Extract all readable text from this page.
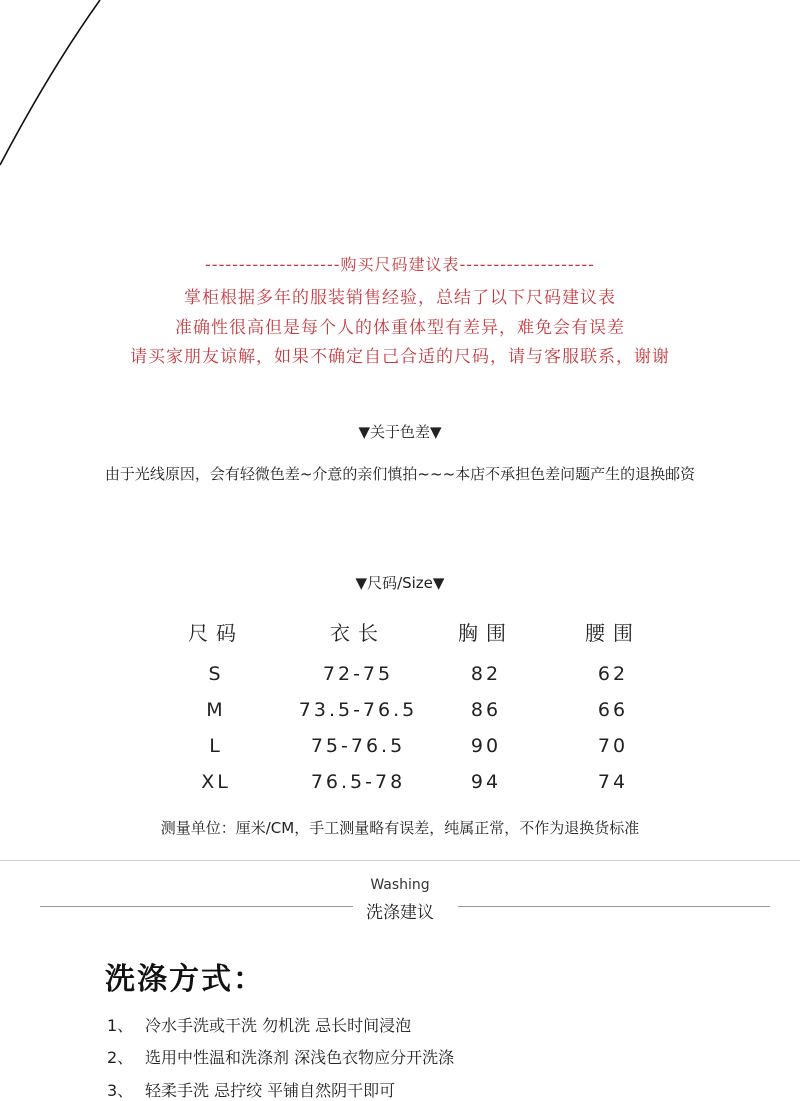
--------------------购买尺码建议表--------------------
掌柜根据多年的服装销售经验，总结了以下尺码建议表
准确性很高但是每个人的体重体型有差异，难免会有误差
请买家朋友谅解，如果不确定自己合适的尺码，请与客服联系，谢谢
▼关于色差▼
由于光线原因，会有轻微色差~介意的亲们慎拍~~~本店不承担色差问题产生的退换邮资
▼尺码/Size▼
尺码	衣长	胸围	腰围
S	72-75	82	62
M	73.5-76.5	86	66
L	75-76.5	90	70
XL	76.5-78	94	74
测量单位：厘米/CM，手工测量略有误差，纯属正常，不作为退换货标准
Washing
洗涤建议
洗涤方式：
1、 冷水手洗或干洗 勿机洗 忌长时间浸泡
2、 选用中性温和洗涤剂 深浅色衣物应分开洗涤
3、 轻柔手洗 忌拧绞 平铺自然阴干即可
